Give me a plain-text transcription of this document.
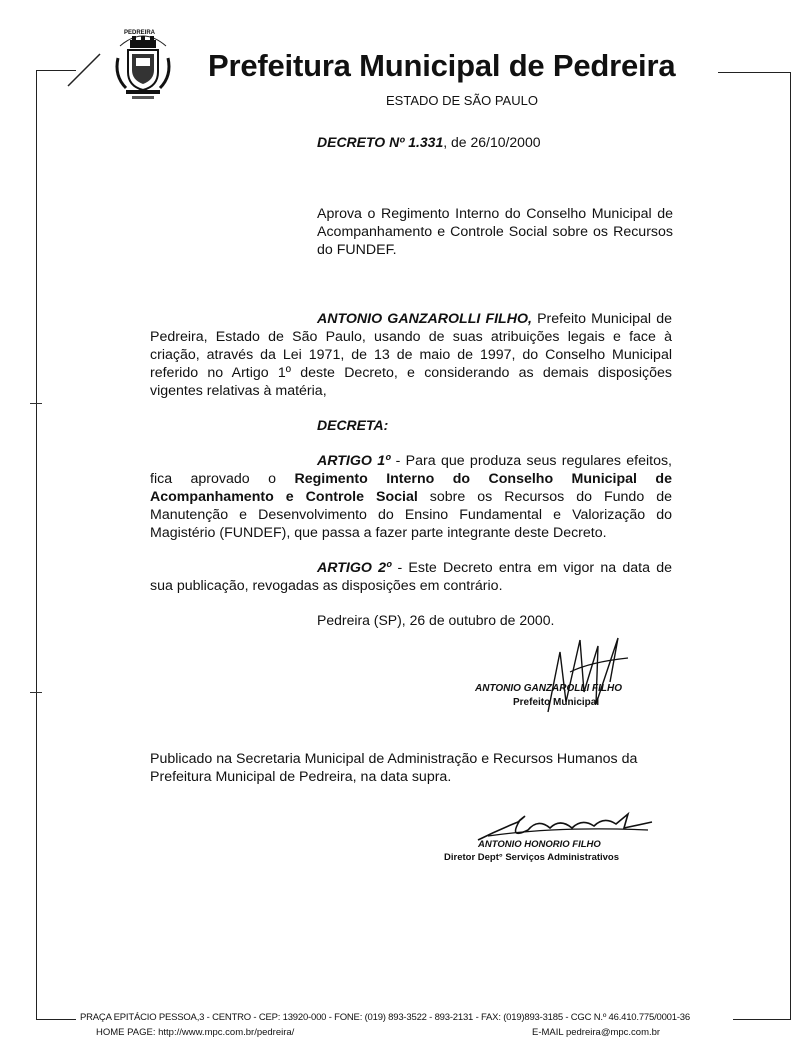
PEDREIRA
Prefeitura Municipal de Pedreira
ESTADO DE SÃO PAULO
DECRETO Nº 1.331, de 26/10/2000
Aprova o Regimento Interno do Conselho Municipal de Acompanhamento e Controle Social sobre os Recursos do FUNDEF.
ANTONIO GANZAROLLI FILHO, Prefeito Municipal de Pedreira, Estado de São Paulo, usando de suas atribuições legais e face à criação, através da Lei 1971, de 13 de maio de 1997, do Conselho Municipal referido no Artigo 1º deste Decreto, e considerando as demais disposições vigentes relativas à matéria,
DECRETA:
ARTIGO 1º - Para que produza seus regulares efeitos, fica aprovado o Regimento Interno do Conselho Municipal de Acompanhamento e Controle Social sobre os Recursos do Fundo de Manutenção e Desenvolvimento do Ensino Fundamental e Valorização do Magistério (FUNDEF), que passa a fazer parte integrante deste Decreto.
ARTIGO 2º - Este Decreto entra em vigor na data de sua publicação, revogadas as disposições em contrário.
Pedreira (SP), 26 de outubro de 2000.
ANTONIO GANZAROLLI FILHO
Prefeito Municipal
Publicado na Secretaria Municipal de Administração e Recursos Humanos da Prefeitura Municipal de Pedreira, na data supra.
ANTONIO HONORIO FILHO
Diretor Dept° Serviços Administrativos
PRAÇA EPITÁCIO PESSOA,3 - CENTRO - CEP: 13920-000 - FONE: (019) 893-3522 - 893-2131 - FAX: (019)893-3185 - CGC N.º 46.410.775/0001-36
HOME PAGE: http://www.mpc.com.br/pedreira/	E-MAIL pedreira@mpc.com.br
